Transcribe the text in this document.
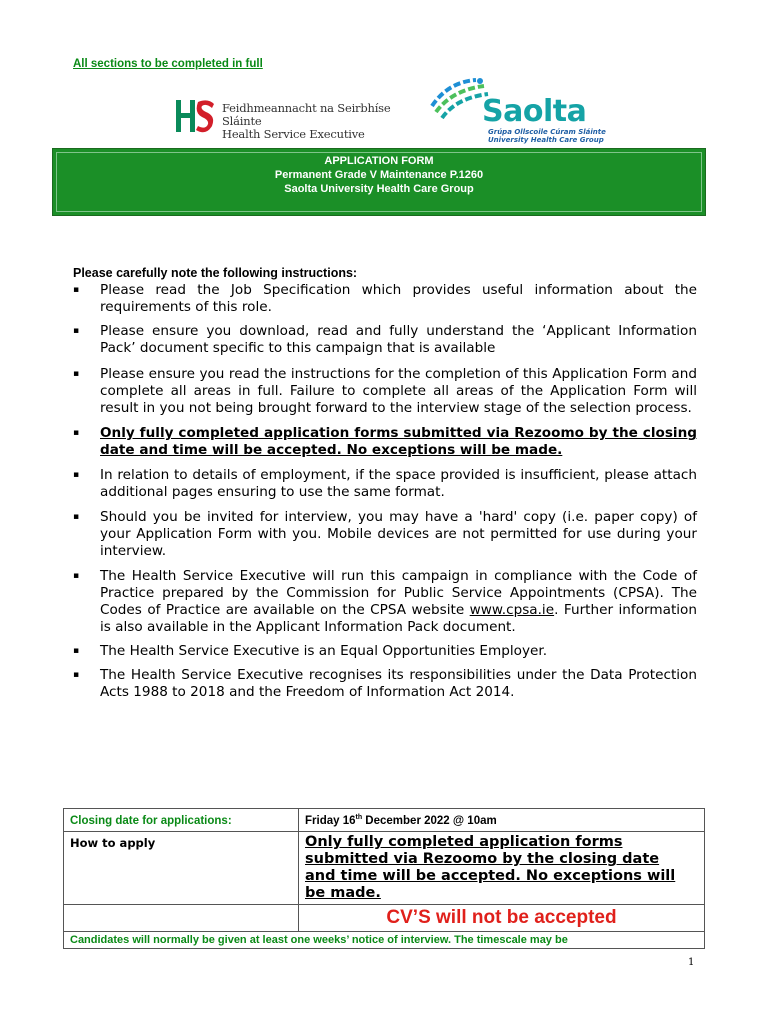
All sections to be completed in full
Feidhmeannacht na Seirbhíse Sláinte
Health Service Executive
Saolta
Grúpa Ollscoile Cúram Sláinte
University Health Care Group
APPLICATION FORM
Permanent Grade V Maintenance P.1260
Saolta University Health Care Group
Please carefully note the following instructions:
▪ Please read the Job Specification which provides useful information about the requirements of this role.
▪ Please ensure you download, read and fully understand the ‘Applicant Information Pack’ document specific to this campaign that is available
▪ Please ensure you read the instructions for the completion of this Application Form and complete all areas in full. Failure to complete all areas of the Application Form will result in you not being brought forward to the interview stage of the selection process.
▪ Only fully completed application forms submitted via Rezoomo by the closing date and time will be accepted. No exceptions will be made.
▪ In relation to details of employment, if the space provided is insufficient, please attach additional pages ensuring to use the same format.
▪ Should you be invited for interview, you may have a 'hard' copy (i.e. paper copy) of your Application Form with you. Mobile devices are not permitted for use during your interview.
▪ The Health Service Executive will run this campaign in compliance with the Code of Practice prepared by the Commission for Public Service Appointments (CPSA). The Codes of Practice are available on the CPSA website www.cpsa.ie. Further information is also available in the Applicant Information Pack document.
▪ The Health Service Executive is an Equal Opportunities Employer.
▪ The Health Service Executive recognises its responsibilities under the Data Protection Acts 1988 to 2018 and the Freedom of Information Act 2014.
Closing date for applications:	Friday 16th December 2022 @ 10am
How to apply	Only fully completed application forms submitted via Rezoomo by the closing date and time will be accepted. No exceptions will be made.

	CV’S will not be accepted

Candidates will normally be given at least one weeks’ notice of interview. The timescale may be	
1
